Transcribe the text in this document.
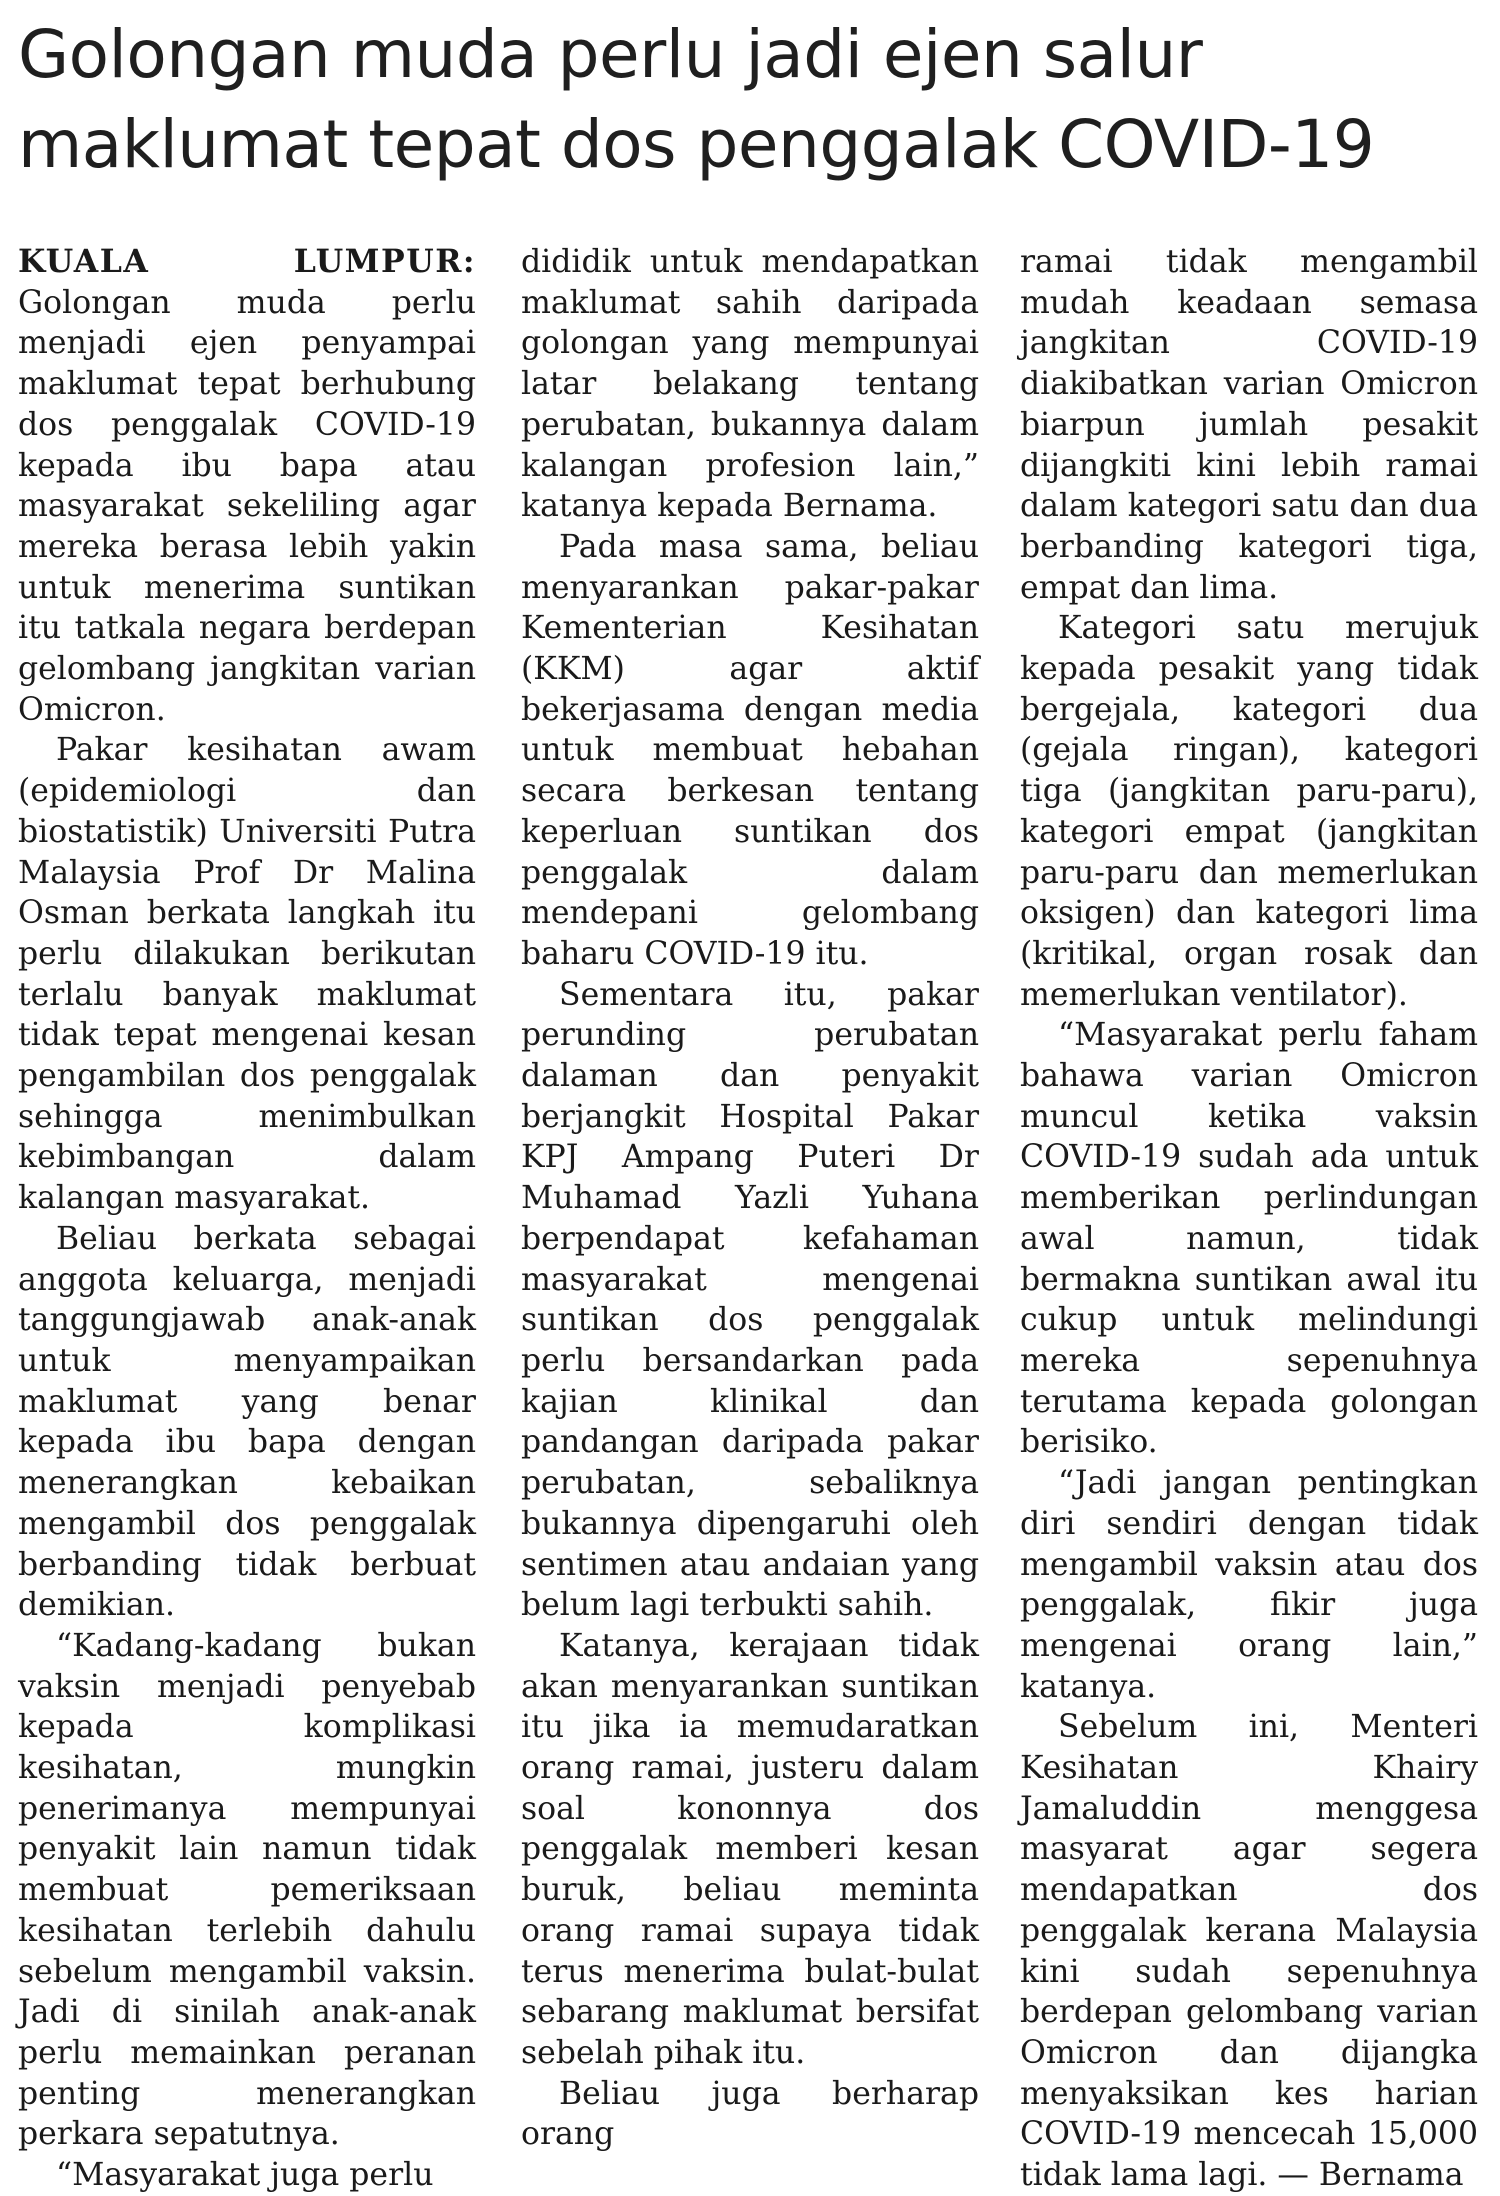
Golongan muda perlu jadi ejen salur maklumat tepat dos penggalak COVID-19

KUALA LUMPUR: Golongan muda perlu menjadi ejen penyampai maklumat tepat berhubung dos penggalak COVID-19 kepada ibu bapa atau masyarakat sekeliling agar mereka berasa lebih yakin untuk menerima suntikan itu tatkala negara berdepan gelombang jangkitan varian Omicron.

Pakar kesihatan awam (epidemiologi dan biostatistik) Universiti Putra Malaysia Prof Dr Malina Osman berkata langkah itu perlu dilakukan berikutan terlalu banyak maklumat tidak tepat mengenai kesan pengambilan dos penggalak sehingga menimbulkan kebimbangan dalam kalangan masyarakat.

Beliau berkata sebagai anggota keluarga, menjadi tanggungjawab anak-anak untuk menyampaikan maklumat yang benar kepada ibu bapa dengan menerangkan kebaikan mengambil dos penggalak berbanding tidak berbuat demikian.

“Kadang-kadang bukan vaksin menjadi penyebab kepada komplikasi kesihatan, mungkin penerimanya mempunyai penyakit lain namun tidak membuat pemeriksaan kesihatan terlebih dahulu sebelum mengambil vaksin. Jadi di sinilah anak-anak perlu memainkan peranan penting menerangkan perkara sepatutnya.

“Masyarakat juga perlu

dididik untuk mendapatkan maklumat sahih daripada golongan yang mempunyai latar belakang tentang perubatan, bukannya dalam kalangan profesion lain,” katanya kepada Bernama.

Pada masa sama, beliau menyarankan pakar-pakar Kementerian Kesihatan (KKM) agar aktif bekerjasama dengan media untuk membuat hebahan secara berkesan tentang keperluan suntikan dos penggalak dalam mendepani gelombang baharu COVID-19 itu.

Sementara itu, pakar perunding perubatan dalaman dan penyakit berjangkit Hospital Pakar KPJ Ampang Puteri Dr Muhamad Yazli Yuhana berpendapat kefahaman masyarakat mengenai suntikan dos penggalak perlu bersandarkan pada kajian klinikal dan pandangan daripada pakar perubatan, sebaliknya bukannya dipengaruhi oleh sentimen atau andaian yang belum lagi terbukti sahih.

Katanya, kerajaan tidak akan menyarankan suntikan itu jika ia memudaratkan orang ramai, justeru dalam soal kononnya dos penggalak memberi kesan buruk, beliau meminta orang ramai supaya tidak terus menerima bulat-bulat sebarang maklumat bersifat sebelah pihak itu.

Beliau juga berharap orang

ramai tidak mengambil mudah keadaan semasa jangkitan COVID-19 diakibatkan varian Omicron biarpun jumlah pesakit dijangkiti kini lebih ramai dalam kategori satu dan dua berbanding kategori tiga, empat dan lima.

Kategori satu merujuk kepada pesakit yang tidak bergejala, kategori dua (gejala ringan), kategori tiga (jangkitan paru-paru), kategori empat (jangkitan paru-paru dan memerlukan oksigen) dan kategori lima (kritikal, organ rosak dan memerlukan ventilator).

“Masyarakat perlu faham bahawa varian Omicron muncul ketika vaksin COVID-19 sudah ada untuk memberikan perlindungan awal namun, tidak bermakna suntikan awal itu cukup untuk melindungi mereka sepenuhnya terutama kepada golongan berisiko.

“Jadi jangan pentingkan diri sendiri dengan tidak mengambil vaksin atau dos penggalak, fikir juga mengenai orang lain,” katanya.

Sebelum ini, Menteri Kesihatan Khairy Jamaluddin menggesa masyarat agar segera mendapatkan dos penggalak kerana Malaysia kini sudah sepenuhnya berdepan gelombang varian Omicron dan dijangka menyaksikan kes harian COVID-19 mencecah 15,000 tidak lama lagi. — Bernama
